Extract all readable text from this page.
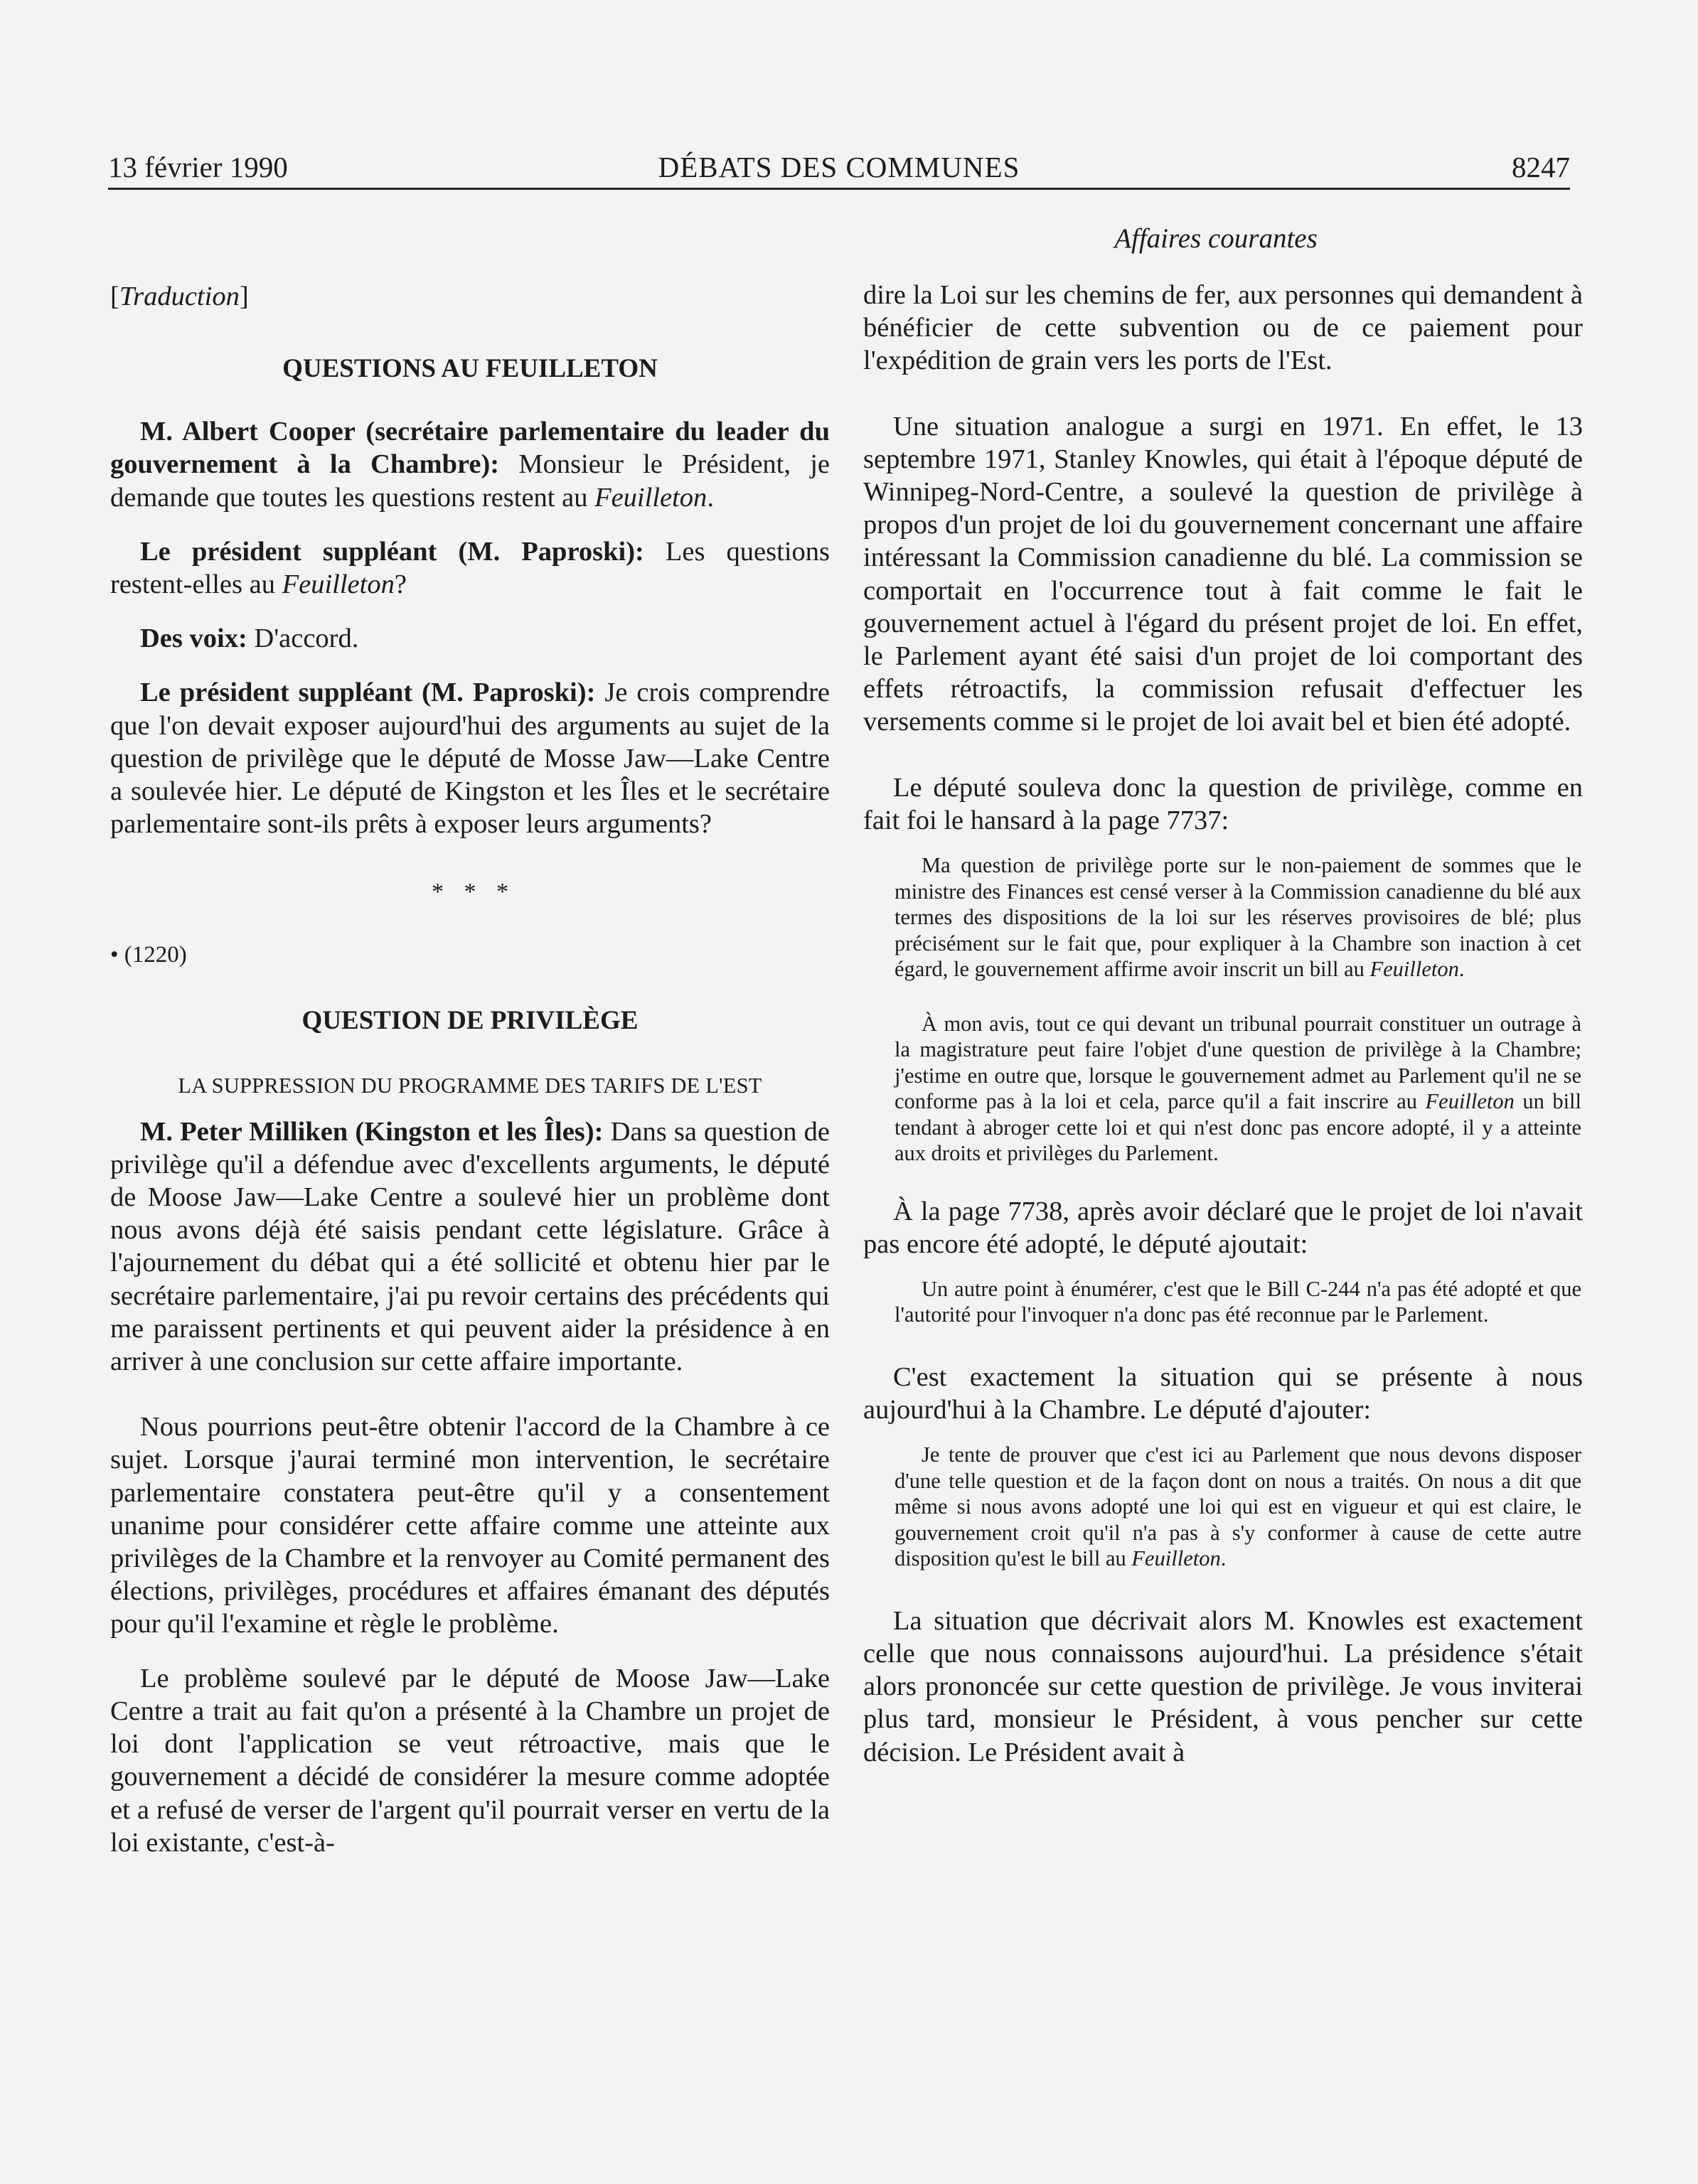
13 février 1990	DÉBATS DES COMMUNES	8247
Affaires courantes

[Traduction]

QUESTIONS AU FEUILLETON

M. Albert Cooper (secrétaire parlementaire du leader du gouvernement à la Chambre): Monsieur le Président, je demande que toutes les questions restent au Feuilleton.

Le président suppléant (M. Paproski): Les questions restent-elles au Feuilleton?

Des voix: D'accord.

Le président suppléant (M. Paproski): Je crois comprendre que l'on devait exposer aujourd'hui des arguments au sujet de la question de privilège que le député de Mosse Jaw—Lake Centre a soulevée hier. Le député de Kingston et les Îles et le secrétaire parlementaire sont-ils prêts à exposer leurs arguments?

* * *

• (1220)

QUESTION DE PRIVILÈGE

LA SUPPRESSION DU PROGRAMME DES TARIFS DE L'EST

M. Peter Milliken (Kingston et les Îles): Dans sa question de privilège qu'il a défendue avec d'excellents arguments, le député de Moose Jaw—Lake Centre a soulevé hier un problème dont nous avons déjà été saisis pendant cette législature. Grâce à l'ajournement du débat qui a été sollicité et obtenu hier par le secrétaire parlementaire, j'ai pu revoir certains des précédents qui me paraissent pertinents et qui peuvent aider la présidence à en arriver à une conclusion sur cette affaire importante.

Nous pourrions peut-être obtenir l'accord de la Chambre à ce sujet. Lorsque j'aurai terminé mon intervention, le secrétaire parlementaire constatera peut-être qu'il y a consentement unanime pour considérer cette affaire comme une atteinte aux privilèges de la Chambre et la renvoyer au Comité permanent des élections, privilèges, procédures et affaires émanant des députés pour qu'il l'examine et règle le problème.

Le problème soulevé par le député de Moose Jaw—Lake Centre a trait au fait qu'on a présenté à la Chambre un projet de loi dont l'application se veut rétroactive, mais que le gouvernement a décidé de considérer la mesure comme adoptée et a refusé de verser de l'argent qu'il pourrait verser en vertu de la loi existante, c'est-à-

dire la Loi sur les chemins de fer, aux personnes qui demandent à bénéficier de cette subvention ou de ce paiement pour l'expédition de grain vers les ports de l'Est.

Une situation analogue a surgi en 1971. En effet, le 13 septembre 1971, Stanley Knowles, qui était à l'époque député de Winnipeg-Nord-Centre, a soulevé la question de privilège à propos d'un projet de loi du gouvernement concernant une affaire intéressant la Commission canadienne du blé. La commission se comportait en l'occurrence tout à fait comme le fait le gouvernement actuel à l'égard du présent projet de loi. En effet, le Parlement ayant été saisi d'un projet de loi comportant des effets rétroactifs, la commission refusait d'effectuer les versements comme si le projet de loi avait bel et bien été adopté.

Le député souleva donc la question de privilège, comme en fait foi le hansard à la page 7737:

Ma question de privilège porte sur le non-paiement de sommes que le ministre des Finances est censé verser à la Commission canadienne du blé aux termes des dispositions de la loi sur les réserves provisoires de blé; plus précisément sur le fait que, pour expliquer à la Chambre son inaction à cet égard, le gouvernement affirme avoir inscrit un bill au Feuilleton.

À mon avis, tout ce qui devant un tribunal pourrait constituer un outrage à la magistrature peut faire l'objet d'une question de privilège à la Chambre; j'estime en outre que, lorsque le gouvernement admet au Parlement qu'il ne se conforme pas à la loi et cela, parce qu'il a fait inscrire au Feuilleton un bill tendant à abroger cette loi et qui n'est donc pas encore adopté, il y a atteinte aux droits et privilèges du Parlement.

À la page 7738, après avoir déclaré que le projet de loi n'avait pas encore été adopté, le député ajoutait:

Un autre point à énumérer, c'est que le Bill C-244 n'a pas été adopté et que l'autorité pour l'invoquer n'a donc pas été reconnue par le Parlement.

C'est exactement la situation qui se présente à nous aujourd'hui à la Chambre. Le député d'ajouter:

Je tente de prouver que c'est ici au Parlement que nous devons disposer d'une telle question et de la façon dont on nous a traités. On nous a dit que même si nous avons adopté une loi qui est en vigueur et qui est claire, le gouvernement croit qu'il n'a pas à s'y conformer à cause de cette autre disposition qu'est le bill au Feuilleton.

La situation que décrivait alors M. Knowles est exactement celle que nous connaissons aujourd'hui. La présidence s'était alors prononcée sur cette question de privilège. Je vous inviterai plus tard, monsieur le Président, à vous pencher sur cette décision. Le Président avait à
